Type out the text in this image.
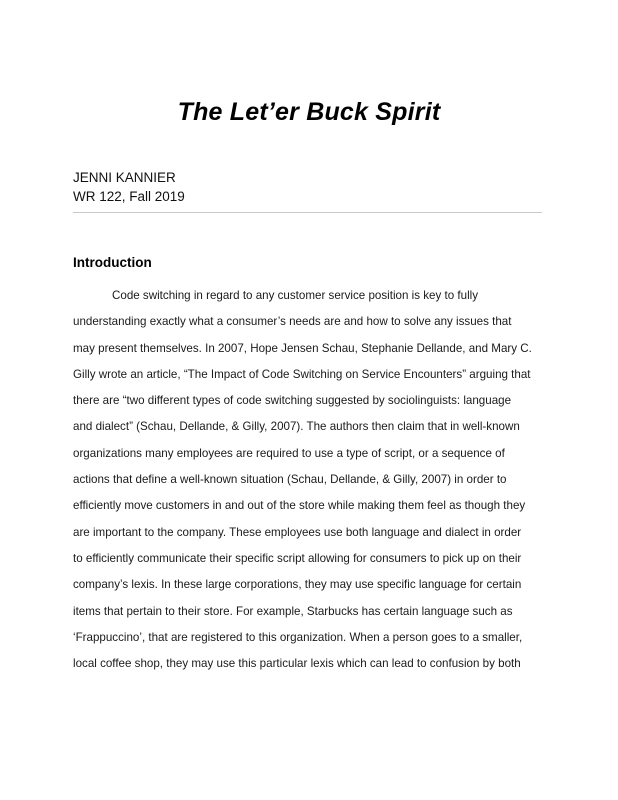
The Let’er Buck Spirit
JENNI KANNIER
WR 122, Fall 2019
Introduction
Code switching in regard to any customer service position is key to fully
understanding exactly what a consumer’s needs are and how to solve any issues that
may present themselves. In 2007, Hope Jensen Schau, Stephanie Dellande, and Mary C.
Gilly wrote an article, “The Impact of Code Switching on Service Encounters” arguing that
there are “two different types of code switching suggested by sociolinguists: language
and dialect” (Schau, Dellande, & Gilly, 2007). The authors then claim that in well-known
organizations many employees are required to use a type of script, or a sequence of
actions that define a well-known situation (Schau, Dellande, & Gilly, 2007) in order to
efficiently move customers in and out of the store while making them feel as though they
are important to the company. These employees use both language and dialect in order
to efficiently communicate their specific script allowing for consumers to pick up on their
company’s lexis. In these large corporations, they may use specific language for certain
items that pertain to their store. For example, Starbucks has certain language such as
‘Frappuccino’, that are registered to this organization. When a person goes to a smaller,
local coffee shop, they may use this particular lexis which can lead to confusion by both
